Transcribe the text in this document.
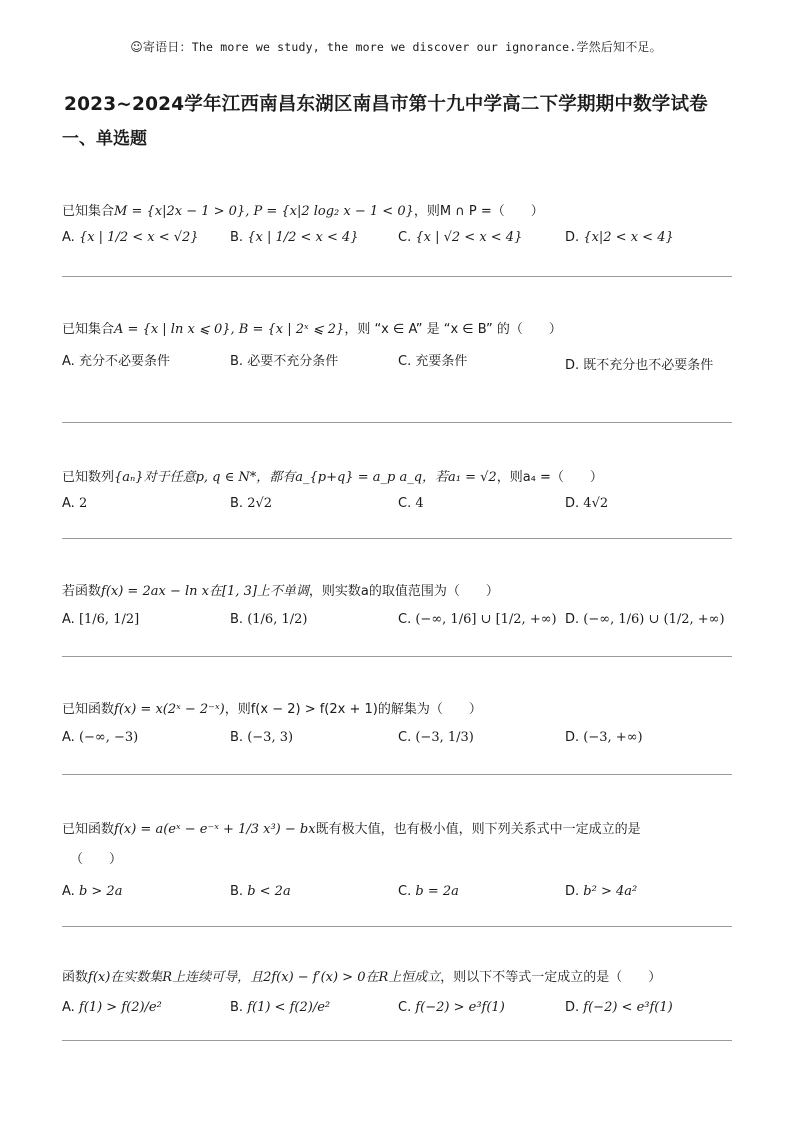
☺寄语日：The more we study, the more we discover our ignorance.学然后知不足。
2023~2024学年江西南昌东湖区南昌市第十九中学高二下学期期中数学试卷
一、单选题
已知集合M = {x|2x − 1 > 0}, P = {x|2 log₂ x − 1 < 0}，则M ∩ P =（　　）
A. {x | 1/2 < x < √2} B. {x | 1/2 < x < 4}	C. {x | √2 < x < 4}	D. {x|2 < x < 4}
已知集合A = {x | ln x ⩽ 0}, B = {x | 2ˣ ⩽ 2}，则 “x ∈ A” 是 “x ∈ B” 的（　　）
A. 充分不必要条件	B. 必要不充分条件	C. 充要条件	D. 既不充分也不必要条件
已知数列{aₙ}对于任意p, q ∈ N*，都有a_{p+q} = a_p a_q，若a₁ = √2，则a₄ =（　　）
A. 2	B. 2√2	C. 4	D. 4√2
若函数f(x) = 2ax − ln x在[1, 3]上不单调，则实数a的取值范围为（　　）
A. [1/6, 1/2]	B. (1/6, 1/2)	C. (−∞, 1/6] ∪ [1/2, +∞) D. (−∞, 1/6) ∪ (1/2, +∞)
已知函数f(x) = x(2ˣ − 2⁻ˣ)，则f(x − 2) > f(2x + 1)的解集为（　　）
A. (−∞, −3)	B. (−3, 3)	C. (−3, 1/3)	D. (−3, +∞)
已知函数f(x) = a(eˣ − e⁻ˣ + 1/3 x³) − bx既有极大值，也有极小值，则下列关系式中一定成立的是
（　　）
A. b > 2a	B. b < 2a	C. b = 2a	D. b² > 4a²
函数f(x)在实数集R上连续可导，且2f(x) − f′(x) > 0在R上恒成立，则以下不等式一定成立的是（　　）
A. f(1) > f(2)/e²	B. f(1) < f(2)/e²	C. f(−2) > e³f(1)	D. f(−2) < e³f(1)
